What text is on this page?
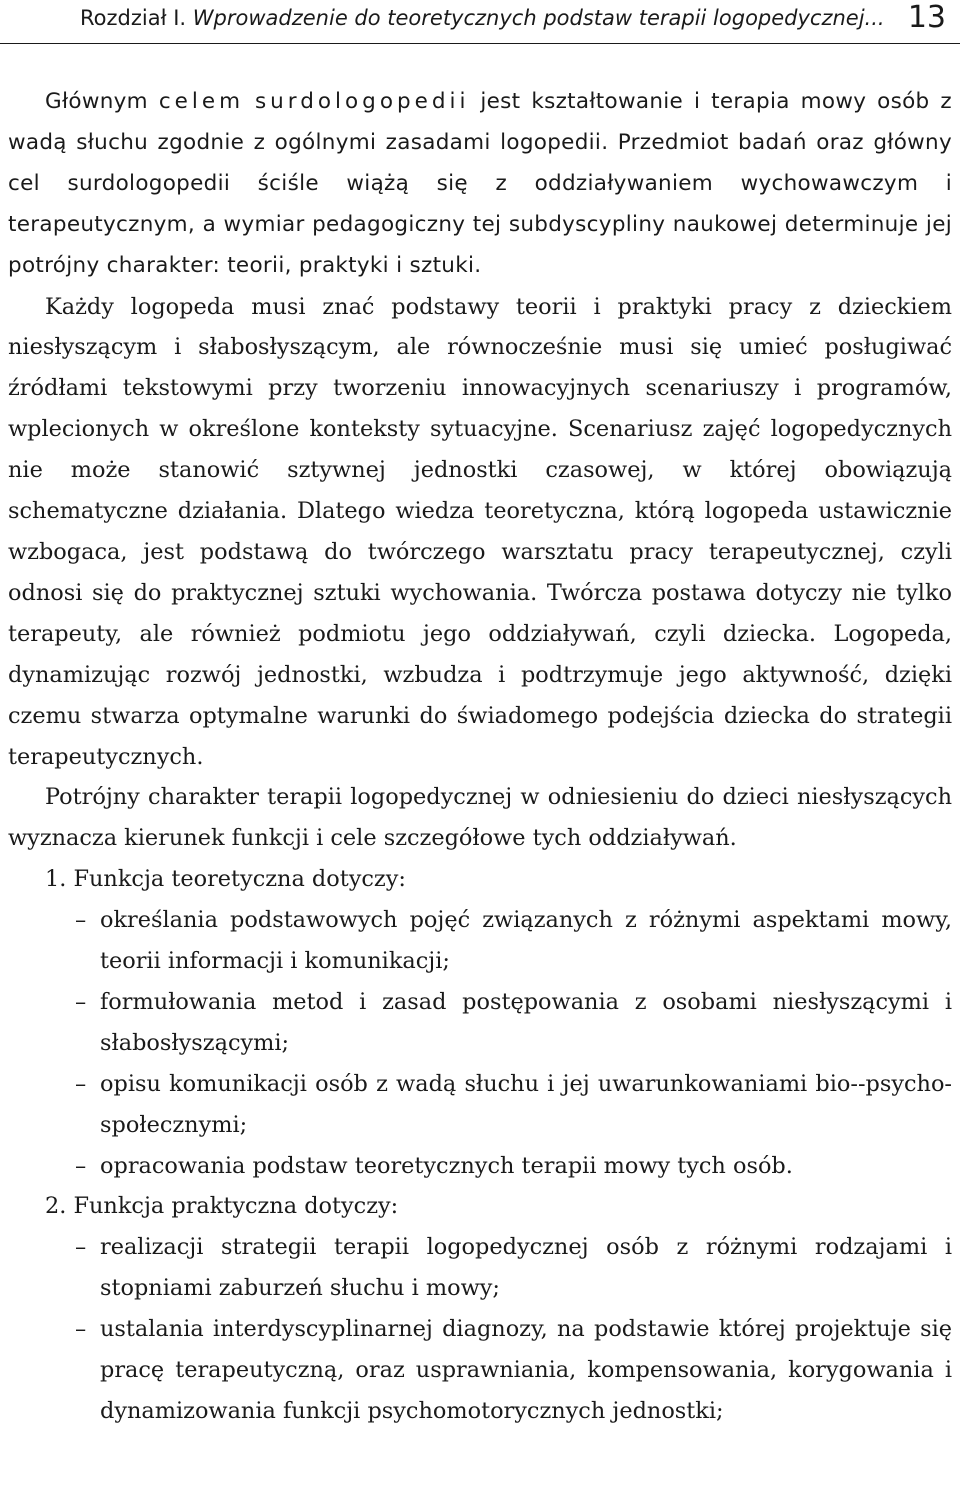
Rozdział I. Wprowadzenie do teoretycznych podstaw terapii logopedycznej... 13

Głównym celem surdologopedii jest kształtowanie i terapia mowy osób z wadą słuchu zgodnie z ogólnymi zasadami logopedii. Przedmiot badań oraz główny cel surdologopedii ściśle wiążą się z oddziaływaniem wychowawczym i terapeutycznym, a wymiar pedagogiczny tej subdyscypliny naukowej determinuje jej potrójny charakter: teorii, praktyki i sztuki.

Każdy logopeda musi znać podstawy teorii i praktyki pracy z dzieckiem niesłyszącym i słabosłyszącym, ale równocześnie musi się umieć posługiwać źródłami tekstowymi przy tworzeniu innowacyjnych scenariuszy i programów, wplecionych w określone konteksty sytuacyjne. Scenariusz zajęć logopedycznych nie może stanowić sztywnej jednostki czasowej, w której obowiązują schematyczne działania. Dlatego wiedza teoretyczna, którą logopeda ustawicznie wzbogaca, jest podstawą do twórczego warsztatu pracy terapeutycznej, czyli odnosi się do praktycznej sztuki wychowania. Twórcza postawa dotyczy nie tylko terapeuty, ale również podmiotu jego oddziaływań, czyli dziecka. Logopeda, dynamizując rozwój jednostki, wzbudza i podtrzymuje jego aktywność, dzięki czemu stwarza optymalne warunki do świadomego podejścia dziecka do strategii terapeutycznych.

Potrójny charakter terapii logopedycznej w odniesieniu do dzieci niesłyszących wyznacza kierunek funkcji i cele szczegółowe tych oddziaływań.

1. Funkcja teoretyczna dotyczy:
– określania podstawowych pojęć związanych z różnymi aspektami mowy, teorii informacji i komunikacji;
– formułowania metod i zasad postępowania z osobami niesłyszącymi i słabosłyszącymi;
– opisu komunikacji osób z wadą słuchu i jej uwarunkowaniami bio-​-psycho-społecznymi;
– opracowania podstaw teoretycznych terapii mowy tych osób.
2. Funkcja praktyczna dotyczy:
– realizacji strategii terapii logopedycznej osób z różnymi rodzajami i stopniami zaburzeń słuchu i mowy;
– ustalania interdyscyplinarnej diagnozy, na podstawie której projektuje się pracę terapeutyczną, oraz usprawniania, kompensowania, korygowania i dynamizowania funkcji psychomotorycznych jednostki;
